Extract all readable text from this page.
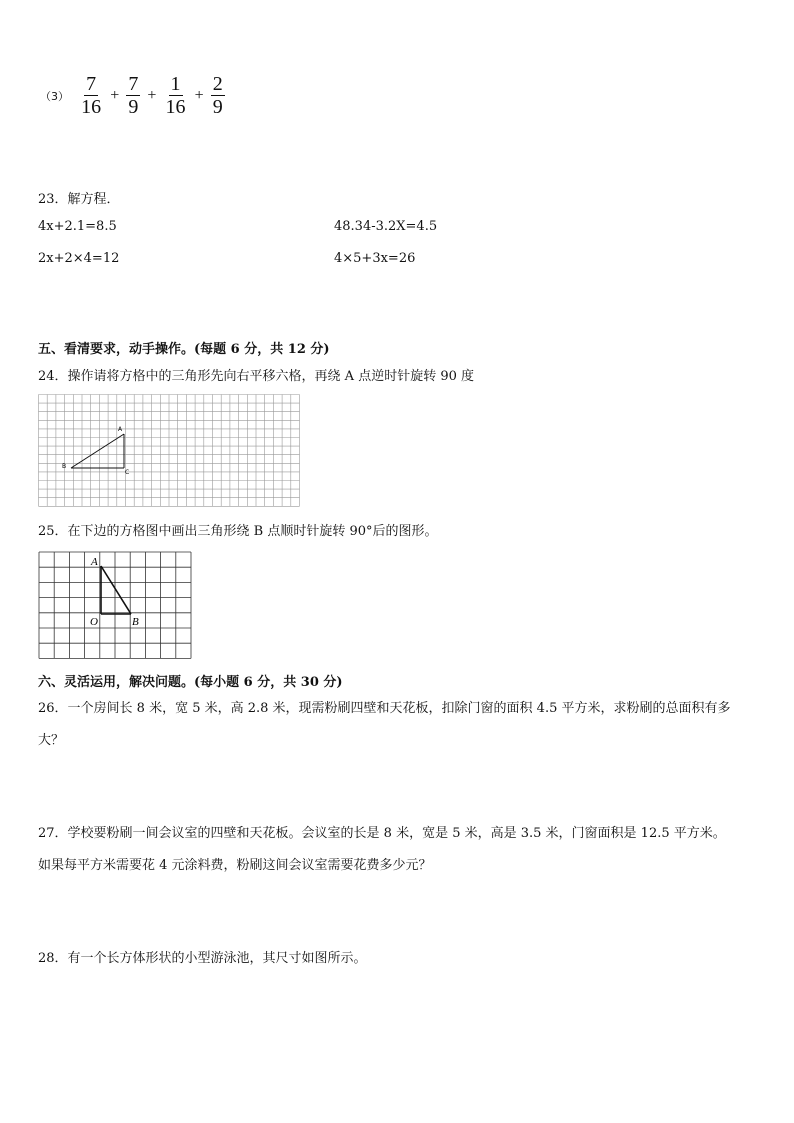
$(3) \frac{7}{16} + \frac{7}{9} + \frac{1}{16} + \frac{2}{9}$
23．解方程．
4x+2.1=8.5	48.34-3.2X=4.5
2x+2×4=12	4×5+3x=26
五、看清要求，动手操作。(每题 6 分，共 12 分)
24．操作请将方格中的三角形先向右平移六格，再绕 A 点逆时针旋转 90 度
A
B
C
25．在下边的方格图中画出三角形绕 B 点顺时针旋转 90°后的图形。
A
O	B
六、灵活运用，解决问题。(每小题 6 分，共 30 分)
26．一个房间长 8 米，宽 5 米，高 2.8 米，现需粉刷四壁和天花板，扣除门窗的面积 4.5 平方米，求粉刷的总面积有多
大？
27．学校要粉刷一间会议室的四壁和天花板。会议室的长是 8 米，宽是 5 米，高是 3.5 米，门窗面积是 12.5 平方米。
如果每平方米需要花 4 元涂料费，粉刷这间会议室需要花费多少元？
28．有一个长方体形状的小型游泳池，其尺寸如图所示。
